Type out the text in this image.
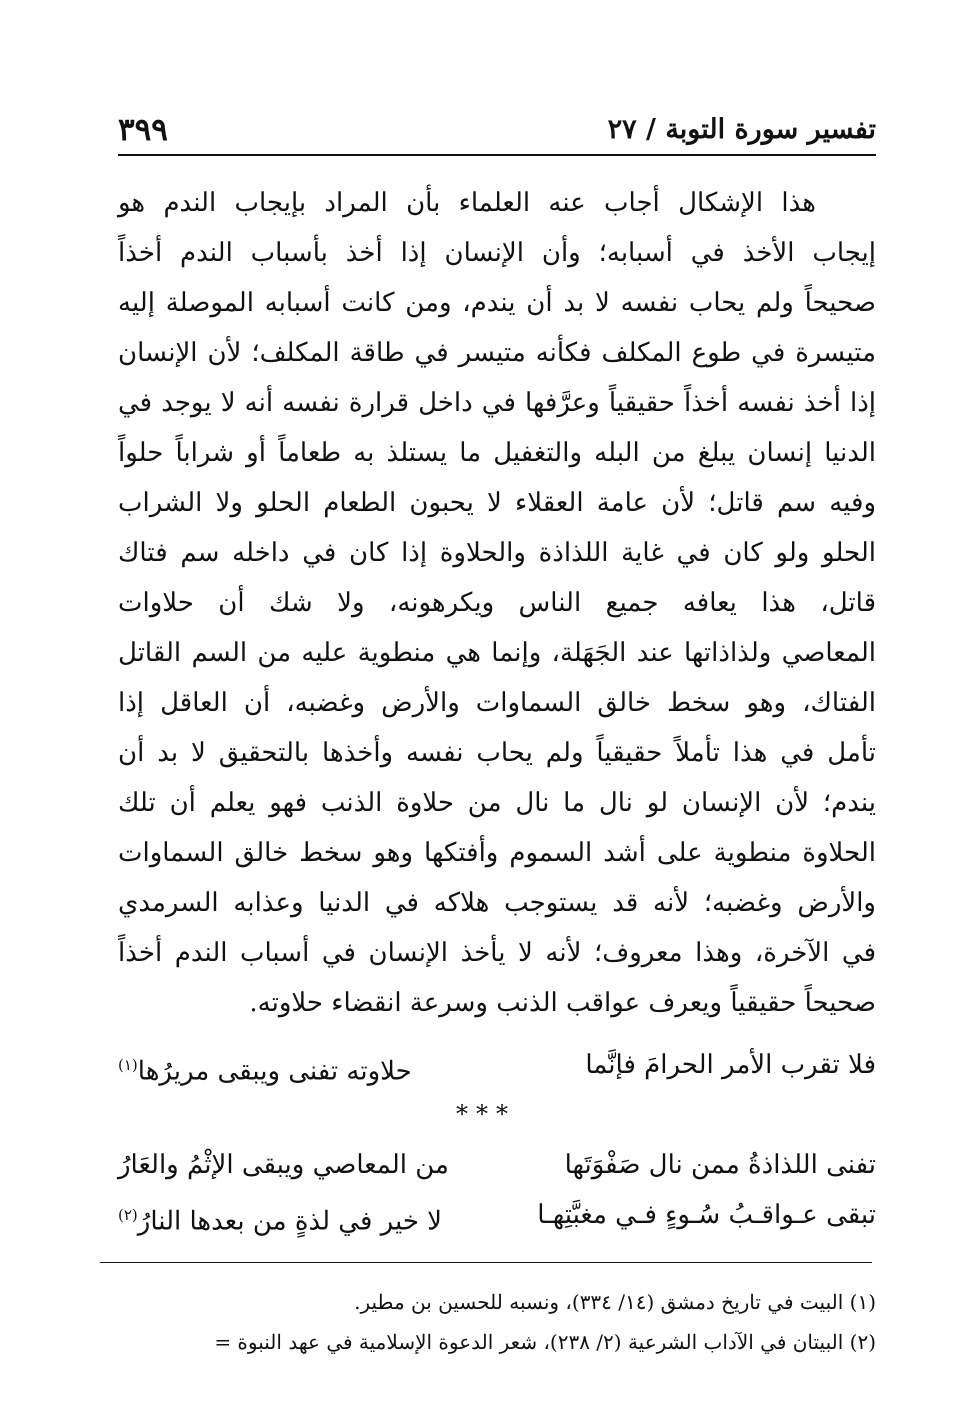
تفسير سورة التوبة / ٢٧
٣٩٩
هذا الإشكال أجاب عنه العلماء بأن المراد بإيجاب الندم هو
إيجاب الأخذ في أسبابه؛ وأن الإنسان إذا أخذ بأسباب الندم أخذاً
صحيحاً ولم يحاب نفسه لا بد أن يندم، ومن كانت أسبابه الموصلة إليه
متيسرة في طوع المكلف فكأنه متيسر في طاقة المكلف؛ لأن الإنسان
إذا أخذ نفسه أخذاً حقيقياً وعرَّفها في داخل قرارة نفسه أنه لا يوجد في
الدنيا إنسان يبلغ من البله والتغفيل ما يستلذ به طعاماً أو شراباً حلواً
وفيه سم قاتل؛ لأن عامة العقلاء لا يحبون الطعام الحلو ولا الشراب
الحلو ولو كان في غاية اللذاذة والحلاوة إذا كان في داخله سم فتاك
قاتل، هذا يعافه جميع الناس ويكرهونه، ولا شك أن حلاوات
المعاصي ولذاذاتها عند الجَهَلة، وإنما هي منطوية عليه من السم القاتل
الفتاك، وهو سخط خالق السماوات والأرض وغضبه، أن العاقل إذا
تأمل في هذا تأملاً حقيقياً ولم يحاب نفسه وأخذها بالتحقيق لا بد أن
يندم؛ لأن الإنسان لو نال ما نال من حلاوة الذنب فهو يعلم أن تلك
الحلاوة منطوية على أشد السموم وأفتكها وهو سخط خالق السماوات
والأرض وغضبه؛ لأنه قد يستوجب هلاكه في الدنيا وعذابه السرمدي
في الآخرة، وهذا معروف؛ لأنه لا يأخذ الإنسان في أسباب الندم أخذاً
صحيحاً حقيقياً ويعرف عواقب الذنب وسرعة انقضاء حلاوته.
فلا تقرب الأمر الحرامَ فإنَّما
حلاوته تفنى ويبقى مريرُها$^{(١)}$
***
تفنى اللذاذةُ ممن نال صَفْوَتَها
من المعاصي ويبقى الإثْمُ والعَارُ
تبقى عـواقـبُ سُـوءٍ فـي مغبَّتِهـا
لا خير في لذةٍ من بعدها النارُ$^{(٢)}$
(١) البيت في تاريخ دمشق (١٤/ ٣٣٤)، ونسبه للحسين بن مطير.
(٢) البيتان في الآداب الشرعية (٢/ ٢٣٨)، شعر الدعوة الإسلامية في عهد النبوة =
